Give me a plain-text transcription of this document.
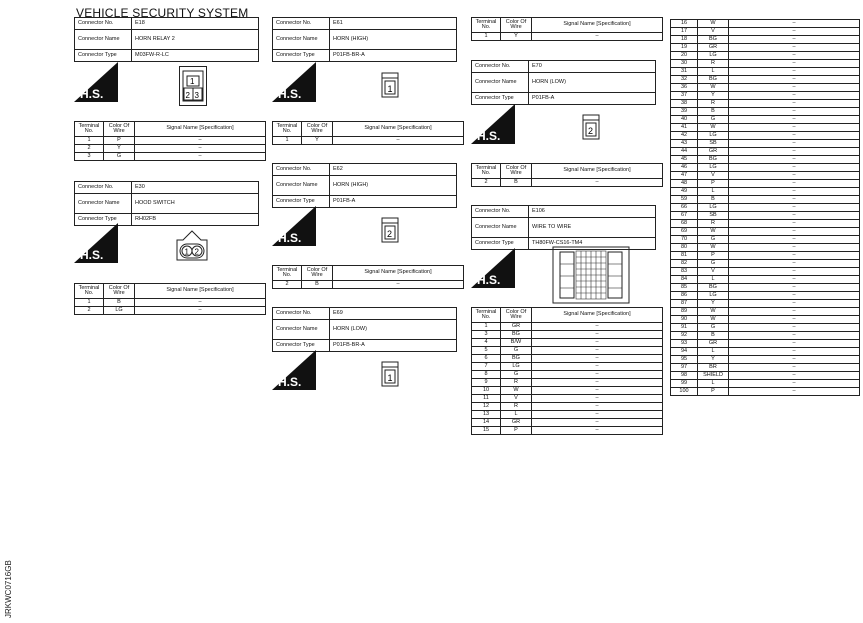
VEHICLE SECURITY SYSTEM
Connector No.	E18
Connector Name	HORN RELAY 2
Connector Type	M03FW-R-LC
H.S.
1
2 3
Terminal No.	Color Of Wire	Signal Name [Specification]
1	P	–
2	Y	–
3	G	–
Connector No.	E30
Connector Name	HOOD SWITCH
Connector Type	RH02FB
H.S.	1 2
Terminal No.	Color Of Wire	Signal Name [Specification]
1	B	–
2	LG	–
Connector No.	E61
Connector Name	HORN (HIGH)
Connector Type	P01FB-BR-A
H.S.	1
Terminal No.	Color Of Wire	Signal Name [Specification]
1	Y	–
Connector No.	E62
Connector Name	HORN (HIGH)
Connector Type	P01FB-A
H.S.	2
Terminal No.	Color Of Wire	Signal Name [Specification]
2	B	–
Connector No.	E69
Connector Name	HORN (LOW)
Connector Type	P01FB-BR-A
H.S.	1
Terminal No.	Color Of Wire	Signal Name [Specification]
1	Y	–
Connector No.	E70
Connector Name	HORN (LOW)
Connector Type	P01FB-A
H.S.	2
Terminal No.	Color Of Wire	Signal Name [Specification]
2	B	–
Connector No.	E106
Connector Name	WIRE TO WIRE
Connector Type	TH80FW-CS16-TM4
H.S.
Terminal No.	Color Of Wire	Signal Name [Specification]
1	GR	–
3	BG	–
4	B/W	–
5	G	–
6	BG	–
7	LG	–
8	G	–
9	R	–
10	W	–
11	V	–
12	R	–
13	L	–
14	GR	–
15	P	–
16	W	–
17	V	–
18	BG	–
19	GR	–
20	LG	–
30	R	–
31	L	–
32	BG	–
36	W	–
37	Y	–
38	R	–
39	B	–
40	G	–
41	W	–
42	LG	–
43	SB	–
44	GR	–
45	BG	–
46	LG	–
47	V	–
48	P	–
49	L	–
59	B	–
66	LG	–
67	SB	–
68	R	–
69	W	–
70	G	–
80	W	–
81	P	–
82	G	–
83	V	–
84	L	–
85	BG	–
86	LG	–
87	Y	–
89	W	–
90	W	–
91	G	–
92	B	–
93	GR	–
94	L	–
95	Y	–
97	BR	–
98	SHIELD	–
99	L	–
100	P	–
JRKWC0716GB
